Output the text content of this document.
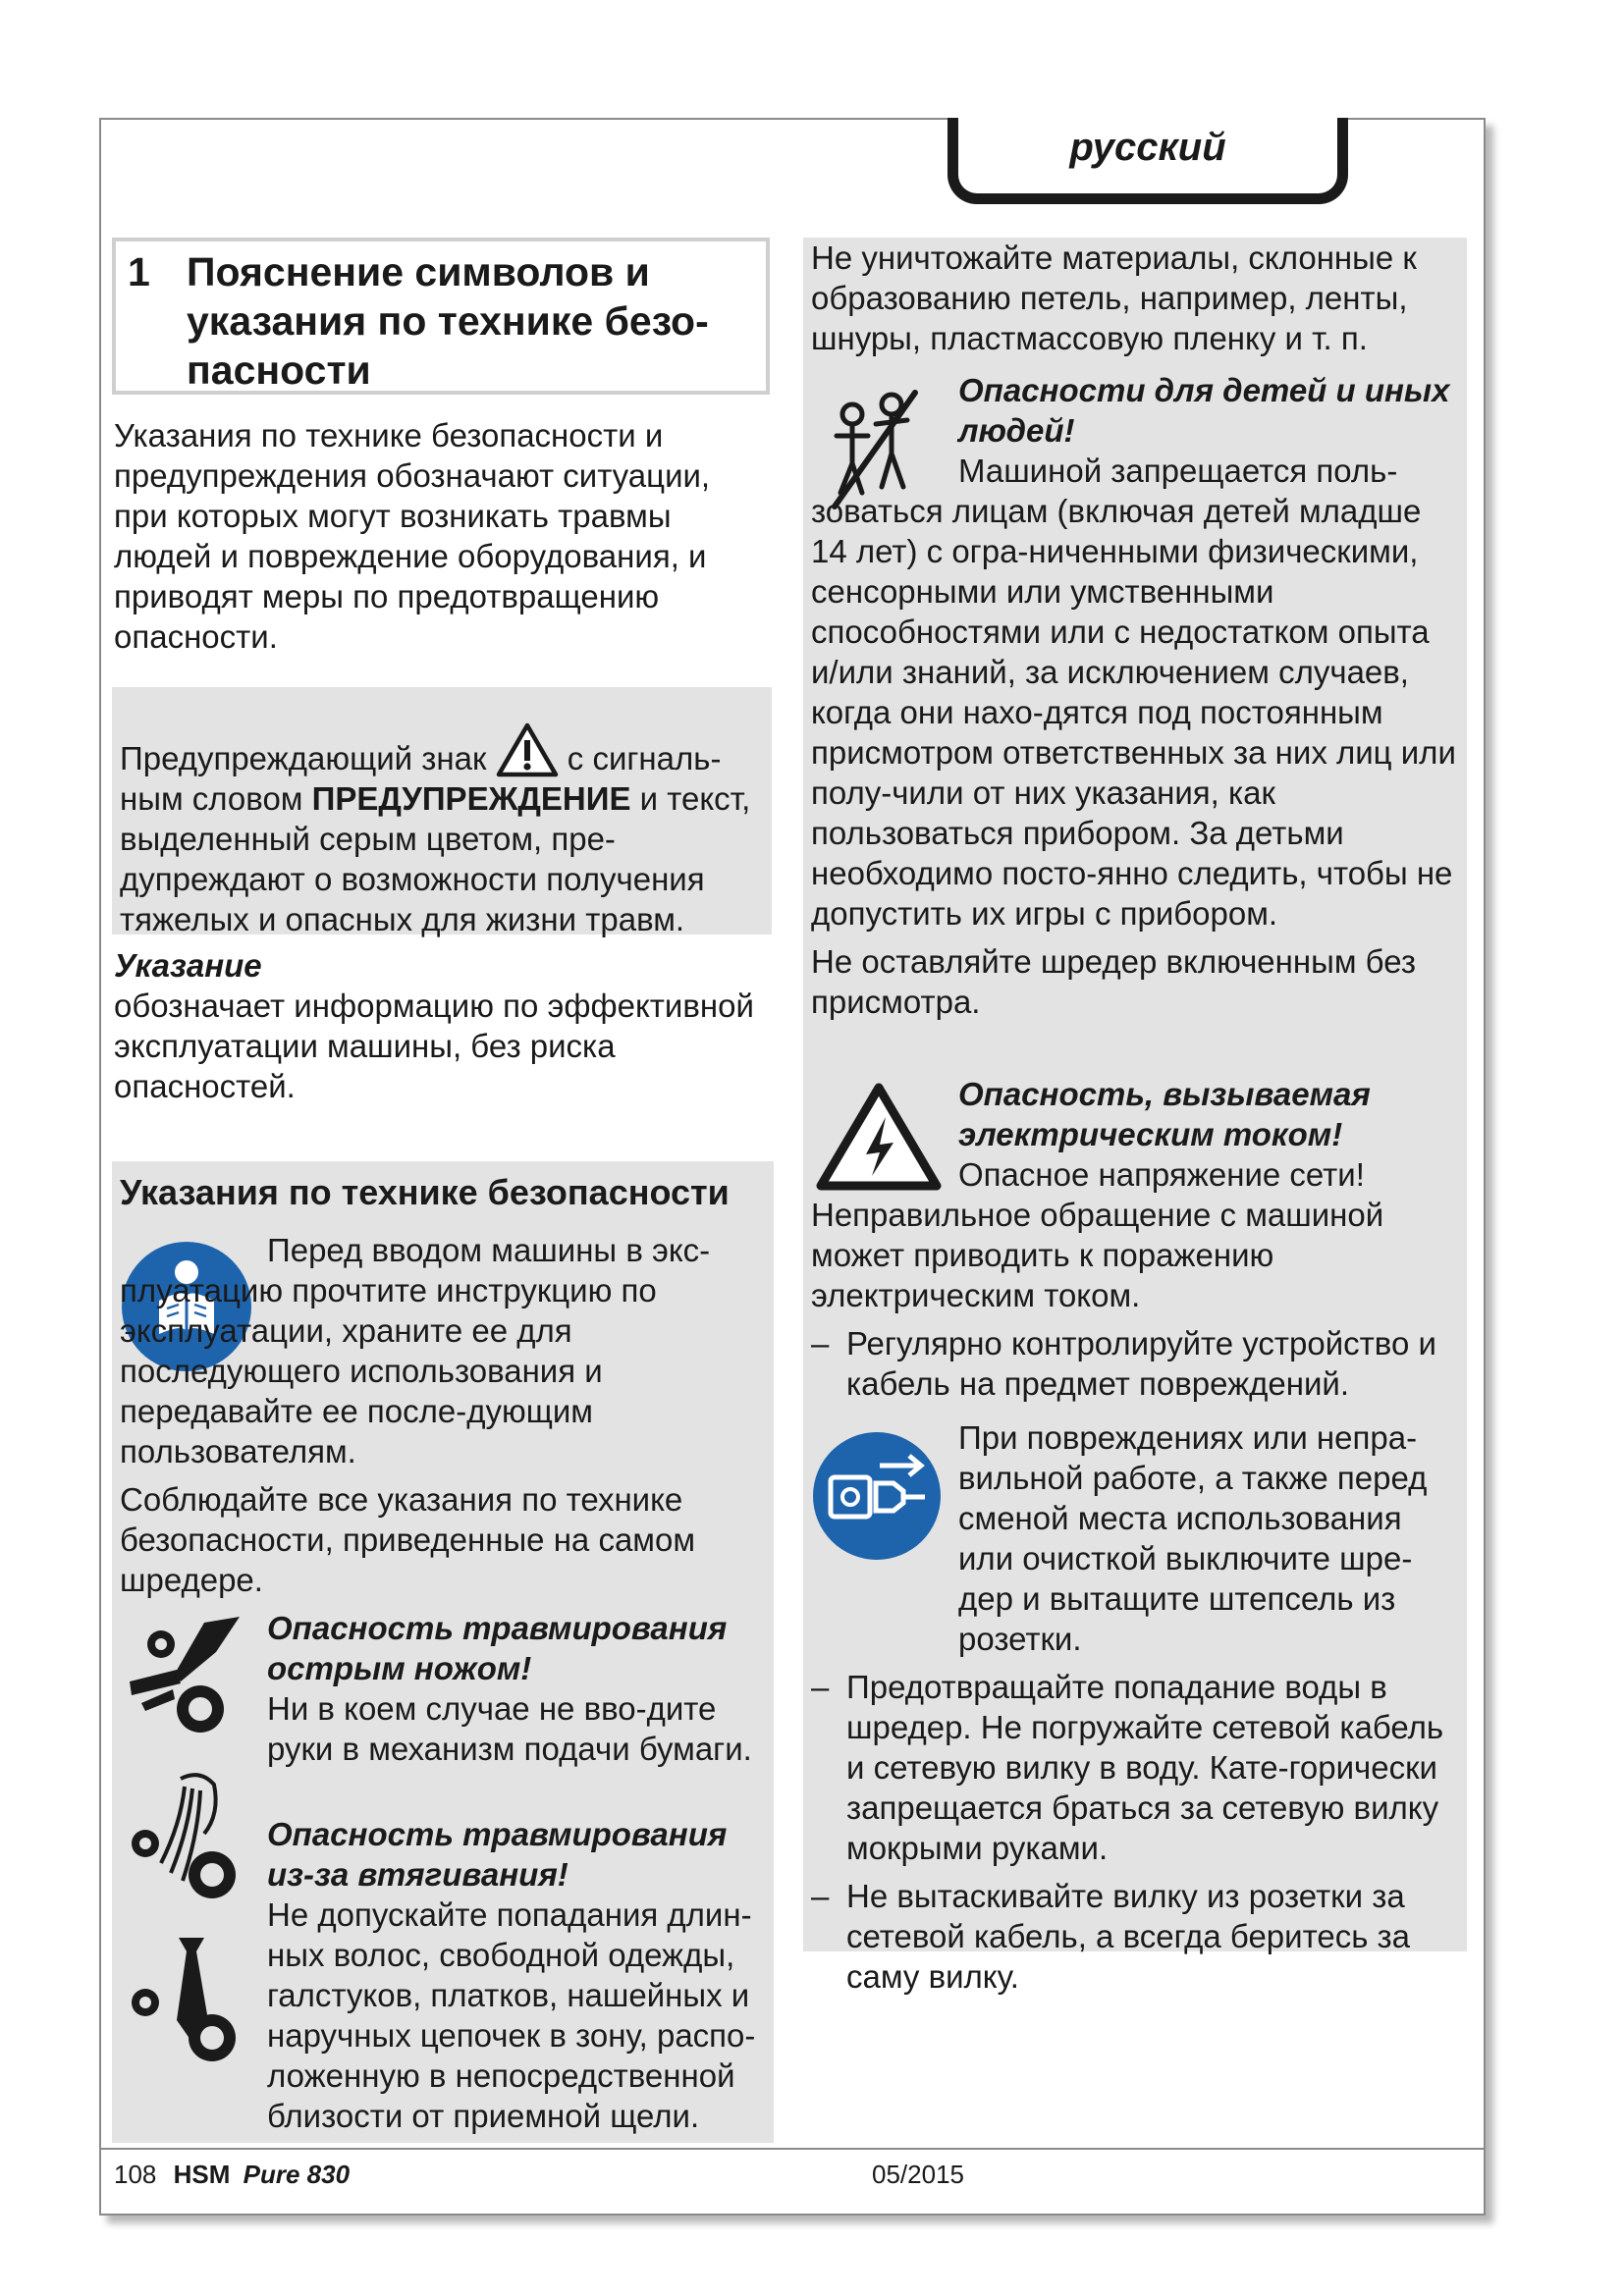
русский
1 Пояснение символов и указания по технике безо-пасности

Указания по технике безопасности и предупреждения обозначают ситуации, при которых могут возникать травмы людей и повреждение оборудования, и приводят меры по предотвращению опасности.

Предупреждающий знак с сигналь-ным словом ПРЕДУПРЕЖДЕНИЕ и текст, выделенный серым цветом, пре-дупреждают о возможности получения тяжелых и опасных для жизни травм.

Указание

обозначает информацию по эффективной эксплуатации машины, без риска опасностей.

Указания по технике безопасности

Перед вводом машины в экс-плуатацию прочтите инструкцию по эксплуатации, храните ее для последующего использования и передавайте ее после-дующим пользователям.

Соблюдайте все указания по технике безопасности, приведенные на самом шредере.

Опасность травмирования острым ножом!

Ни в коем случае не вво-дите руки в механизм подачи бумаги.

Опасность травмирования из-за втягивания!

Не допускайте попадания длин-ных волос, свободной одежды, галстуков, платков, нашейных и наручных цепочек в зону, распо-ложенную в непосредственной близости от приемной щели.

Не уничтожайте материалы, склонные к образованию петель, например, ленты, шнуры, пластмассовую пленку и т. п.

Опасности для детей и иных людей!

Машиной запрещается поль-зоваться лицам (включая детей младше 14 лет) с огра-ниченными физическими, сенсорными или умственными способностями или с недостатком опыта и/или знаний, за исключением случаев, когда они нахо-дятся под постоянным присмотром ответственных за них лиц или полу-чили от них указания, как пользоваться прибором. За детьми необходимо посто-янно следить, чтобы не допустить их игры с прибором.

Не оставляйте шредер включенным без присмотра.

Опасность, вызываемая электрическим током!

Опасное напряжение сети! Неправильное обращение с машиной может приводить к поражению электрическим током.

– Регулярно контролируйте устройство и кабель на предмет повреждений.

При повреждениях или непра-вильной работе, а также перед сменой места использования или очисткой выключите шре-дер и вытащите штепсель из розетки.

– Предотвращайте попадание воды в шредер. Не погружайте сетевой кабель и сетевую вилку в воду. Кате-горически запрещается браться за сетевую вилку мокрыми руками.

– Не вытаскивайте вилку из розетки за сетевой кабель, а всегда беритесь за саму вилку.

108 HSM Pure 830	05/2015
